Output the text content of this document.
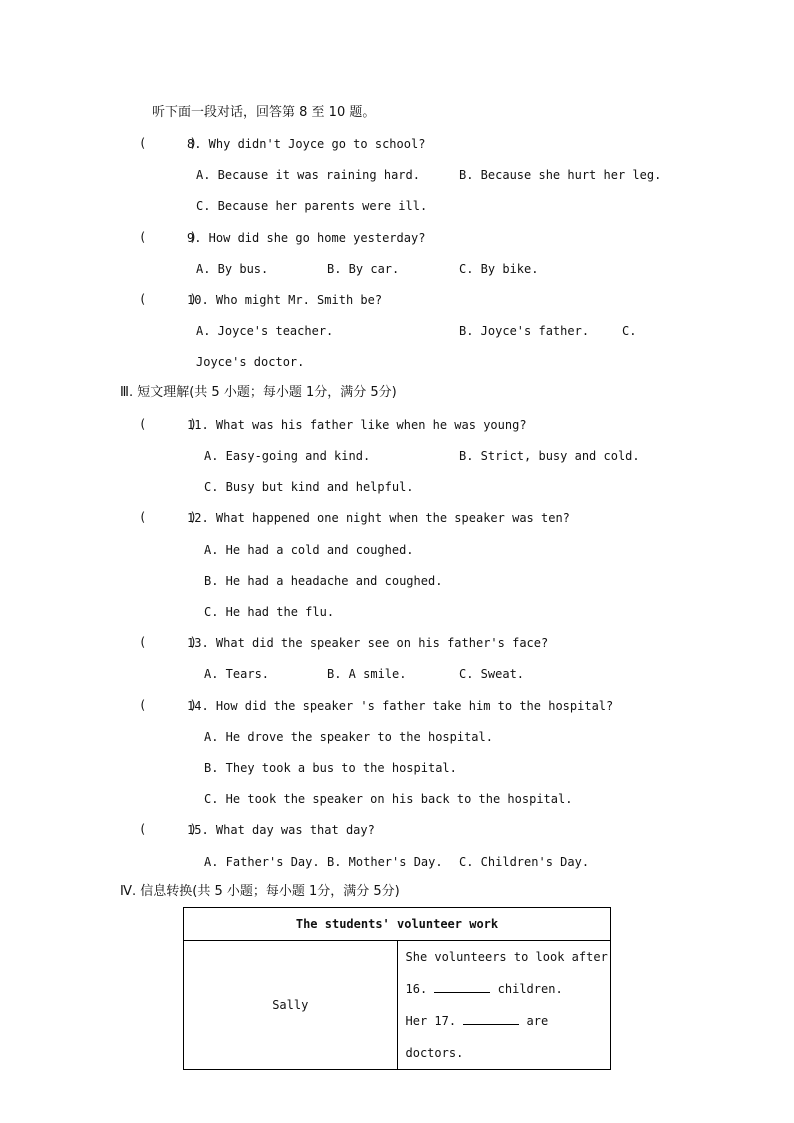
听下面一段对话，回答第 8 至 10 题。
(      )
8. Why didn't Joyce go to school?
A. Because it was raining hard.	B. Because she hurt her leg.
C. Because her parents were ill.
(      )
9. How did she go home yesterday?
A. By bus.	B. By car.	C. By bike.
(      )
10. Who might Mr. Smith be?
A. Joyce's teacher.	B. Joyce's father.	C.
Joyce's doctor.
Ⅲ. 短文理解(共 5 小题；每小题 1分，满分 5分)
(      )
11. What was his father like when he was young?
A. Easy-going and kind.	B. Strict, busy and cold.
C. Busy but kind and helpful.
(      )
12. What happened one night when the speaker was ten?
A. He had a cold and coughed.
B. He had a headache and coughed.
C. He had the flu.
(      )
13. What did the speaker see on his father's face?
A. Tears.	B. A smile.	C. Sweat.
(      )
14. How did the speaker 's father take him to the hospital?
A. He drove the speaker to the hospital.
B. They took a bus to the hospital.
C. He took the speaker on his back to the hospital.
(      )
15. What day was that day?
A. Father's Day. B. Mother's Day. C. Children's Day.
Ⅳ. 信息转换(共 5 小题；每小题 1分，满分 5分)
The students' volunteer work
Sally	
She volunteers to look after 16.	children.
Her 17.	are doctors.
